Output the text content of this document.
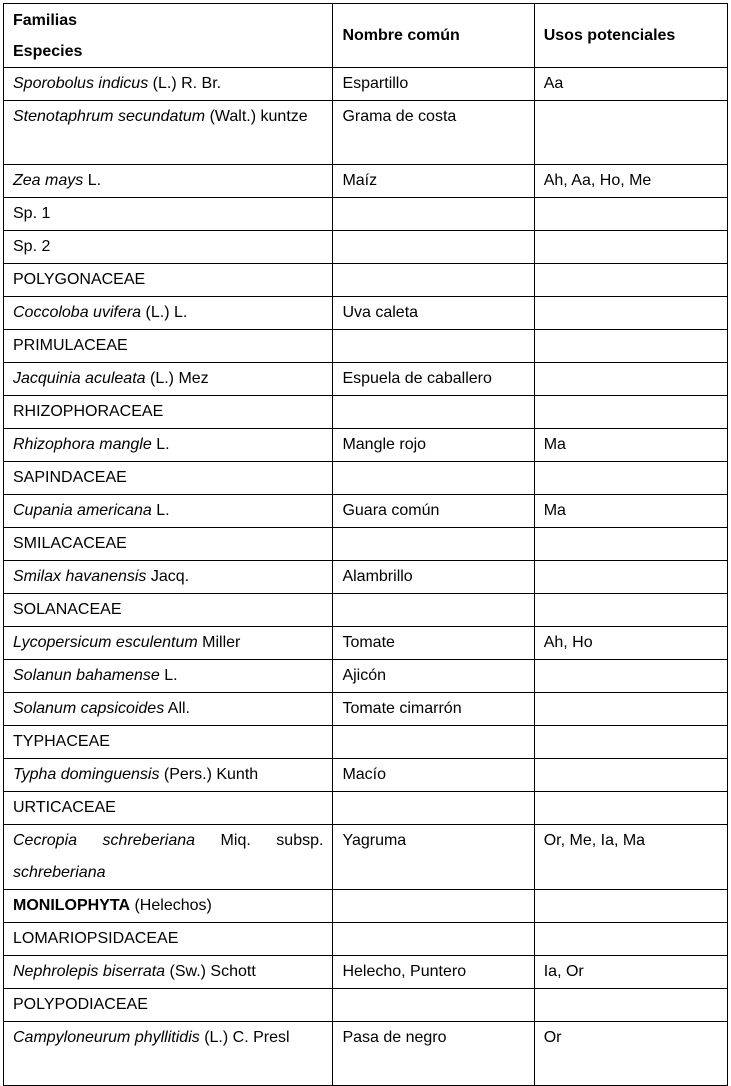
Familias
Especies	Nombre común	Usos potenciales
Sporobolus indicus (L.) R. Br.	Espartillo	Aa
Stenotaphrum secundatum (Walt.) kuntze	Grama de costa	
Zea mays L.	Maíz	Ah, Aa, Ho, Me
Sp. 1		
Sp. 2		
POLYGONACEAE		
Coccoloba uvifera (L.) L.	Uva caleta	
PRIMULACEAE		
Jacquinia aculeata (L.) Mez	Espuela de caballero	
RHIZOPHORACEAE		
Rhizophora mangle L.	Mangle rojo	Ma
SAPINDACEAE		
Cupania americana L.	Guara común	Ma
SMILACACEAE		
Smilax havanensis Jacq.	Alambrillo	
SOLANACEAE		
Lycopersicum esculentum Miller	Tomate	Ah, Ho
Solanun bahamense L.	Ajicón	
Solanum capsicoides All.	Tomate cimarrón	
TYPHACEAE		
Typha dominguensis (Pers.) Kunth	Macío	
URTICACEAE		
Cecropia schreberiana Miq. subsp. schreberiana	Yagruma	Or, Me, Ia, Ma
MONILOPHYTA (Helechos)		
LOMARIOPSIDACEAE		
Nephrolepis biserrata (Sw.) Schott	Helecho, Puntero	Ia, Or
POLYPODIACEAE		
Campyloneurum phyllitidis (L.) C. Presl	Pasa de negro	Or
